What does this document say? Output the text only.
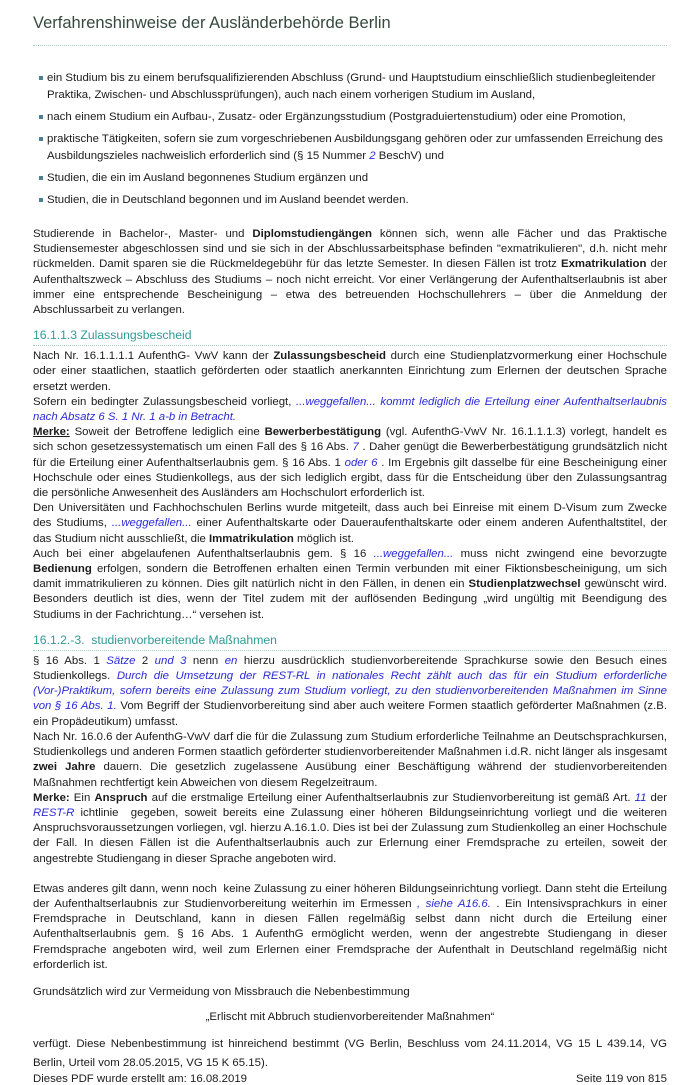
Verfahrenshinweise der Ausländerbehörde Berlin
ein Studium bis zu einem berufsqualifizierenden Abschluss (Grund- und Hauptstudium einschließlich studienbegleitender Praktika, Zwischen- und Abschlussprüfungen), auch nach einem vorherigen Studium im Ausland,
nach einem Studium ein Aufbau-, Zusatz- oder Ergänzungsstudium (Postgraduiertenstudium) oder eine Promotion,
praktische Tätigkeiten, sofern sie zum vorgeschriebenen Ausbildungsgang gehören oder zur umfassenden Erreichung des Ausbildungszieles nachweislich erforderlich sind (§ 15 Nummer 2 BeschV) und
Studien, die ein im Ausland begonnenes Studium ergänzen und
Studien, die in Deutschland begonnen und im Ausland beendet werden.

Studierende in Bachelor-, Master- und Diplomstudiengängen können sich, wenn alle Fächer und das Praktische Studiensemester abgeschlossen sind und sie sich in der Abschlussarbeitsphase befinden "exmatrikulieren", d.h. nicht mehr rückmelden. Damit sparen sie die Rückmeldegebühr für das letzte Semester. In diesen Fällen ist trotz Exmatrikulation der Aufenthaltszweck – Abschluss des Studiums – noch nicht erreicht. Vor einer Verlängerung der Aufenthaltserlaubnis ist aber immer eine entsprechende Bescheinigung – etwa des betreuenden Hochschullehrers – über die Anmeldung der Abschlussarbeit zu verlangen.

16.1.1.3 Zulassungsbescheid

Nach Nr. 16.1.1.1.1 AufenthG- VwV kann der Zulassungsbescheid durch eine Studienplatzvormerkung einer Hochschule oder einer staatlichen, staatlich geförderten oder staatlich anerkannten Einrichtung zum Erlernen der deutschen Sprache ersetzt werden.

Sofern ein bedingter Zulassungsbescheid vorliegt, ...weggefallen... kommt lediglich die Erteilung einer Aufenthaltserlaubnis nach Absatz 6 S. 1 Nr. 1 a-b in Betracht.

Merke: Soweit der Betroffene lediglich eine Bewerberbestätigung (vgl. AufenthG-VwV Nr. 16.1.1.1.3) vorlegt, handelt es sich schon gesetzessystematisch um einen Fall des § 16 Abs. 7 . Daher genügt die Bewerberbestätigung grundsätzlich nicht für die Erteilung einer Aufenthaltserlaubnis gem. § 16 Abs. 1 oder 6 . Im Ergebnis gilt dasselbe für eine Bescheinigung einer Hochschule oder eines Studienkollegs, aus der sich lediglich ergibt, dass für die Entscheidung über den Zulassungsantrag die persönliche Anwesenheit des Ausländers am Hochschulort erforderlich ist.

Den Universitäten und Fachhochschulen Berlins wurde mitgeteilt, dass auch bei Einreise mit einem D-Visum zum Zwecke des Studiums, ...weggefallen... einer Aufenthaltskarte oder Daueraufenthaltskarte oder einem anderen Aufenthaltstitel, der das Studium nicht ausschließt, die Immatrikulation möglich ist.

Auch bei einer abgelaufenen Aufenthaltserlaubnis gem. § 16 ...weggefallen... muss nicht zwingend eine bevorzugte Bedienung erfolgen, sondern die Betroffenen erhalten einen Termin verbunden mit einer Fiktionsbescheinigung, um sich damit immatrikulieren zu können. Dies gilt natürlich nicht in den Fällen, in denen ein Studienplatzwechsel gewünscht wird. Besonders deutlich ist dies, wenn der Titel zudem mit der auflösenden Bedingung „wird ungültig mit Beendigung des Studiums in der Fachrichtung…“ versehen ist.

16.1.2.-3.  studienvorbereitende Maßnahmen

§ 16 Abs. 1 Sätze 2 und 3 nenn en hierzu ausdrücklich studienvorbereitende Sprachkurse sowie den Besuch eines Studienkollegs. Durch die Umsetzung der REST-RL in nationales Recht zählt auch das für ein Studium erforderliche (Vor-)Praktikum, sofern bereits eine Zulassung zum Studium vorliegt, zu den studienvorbereitenden Maßnahmen im Sinne von § 16 Abs. 1. Vom Begriff der Studienvorbereitung sind aber auch weitere Formen staatlich geförderter Maßnahmen (z.B. ein Propädeutikum) umfasst.

Nach Nr. 16.0.6 der AufenthG-VwV darf die für die Zulassung zum Studium erforderliche Teilnahme an Deutschsprachkursen, Studienkollegs und anderen Formen staatlich geförderter studienvorbereitender Maßnahmen i.d.R. nicht länger als insgesamt zwei Jahre dauern. Die gesetzlich zugelassene Ausübung einer Beschäftigung während der studienvorbereitenden Maßnahmen rechtfertigt kein Abweichen von diesem Regelzeitraum.

Merke: Ein Anspruch auf die erstmalige Erteilung einer Aufenthaltserlaubnis zur Studienvorbereitung ist gemäß Art. 11 der REST-R ichtlinie  gegeben, soweit bereits eine Zulassung einer höheren Bildungseinrichtung vorliegt und die weiteren Anspruchsvoraussetzungen vorliegen, vgl. hierzu A.16.1.0. Dies ist bei der Zulassung zum Studienkolleg an einer Hochschule der Fall. In diesen Fällen ist die Aufenthaltserlaubnis auch zur Erlernung einer Fremdsprache zu erteilen, soweit der angestrebte Studiengang in dieser Sprache angeboten wird.

Etwas anderes gilt dann, wenn noch  keine Zulassung zu einer höheren Bildungseinrichtung vorliegt. Dann steht die Erteilung der Aufenthaltserlaubnis zur Studienvorbereitung weiterhin im Ermessen , siehe A16.6. . Ein Intensivsprachkurs in einer Fremdsprache in Deutschland, kann in diesen Fällen regelmäßig selbst dann nicht durch die Erteilung einer Aufenthaltserlaubnis gem. § 16 Abs. 1 AufenthG ermöglicht werden, wenn der angestrebte Studiengang in dieser Fremdsprache angeboten wird, weil zum Erlernen einer Fremdsprache der Aufenthalt in Deutschland regelmäßig nicht erforderlich ist.

Grundsätzlich wird zur Vermeidung von Missbrauch die Nebenbestimmung

„Erlischt mit Abbruch studienvorbereitender Maßnahmen“

verfügt. Diese Nebenbestimmung ist hinreichend bestimmt (VG Berlin, Beschluss vom 24.11.2014, VG 15 L 439.14, VG Berlin, Urteil vom 28.05.2015, VG 15 K 65.15).

Dieses PDF wurde erstellt am: 16.08.2019	Seite 119 von 815
